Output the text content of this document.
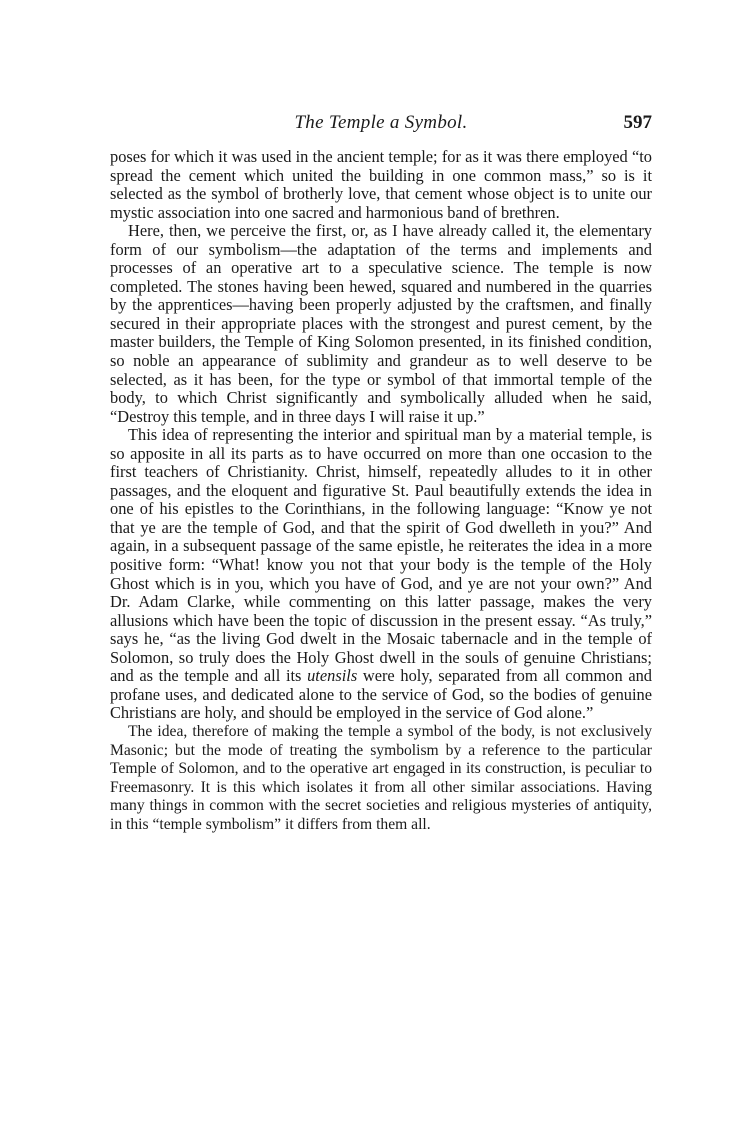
The Temple a Symbol.	597

poses for which it was used in the ancient temple; for as it was there employed “to spread the cement which united the building in one common mass,” so is it selected as the symbol of brotherly love, that cement whose object is to unite our mystic association into one sacred and harmonious band of brethren.

Here, then, we perceive the first, or, as I have already called it, the elementary form of our symbolism—the adaptation of the terms and implements and processes of an operative art to a speculative science. The temple is now completed. The stones having been hewed, squared and numbered in the quarries by the apprentices—having been properly adjusted by the craftsmen, and finally secured in their appropriate places with the strongest and purest cement, by the master builders, the Temple of King Solomon presented, in its finished condition, so noble an appearance of sublimity and grandeur as to well deserve to be selected, as it has been, for the type or symbol of that immortal temple of the body, to which Christ significantly and symbolically alluded when he said, “Destroy this temple, and in three days I will raise it up.”

This idea of representing the interior and spiritual man by a material temple, is so apposite in all its parts as to have occurred on more than one occasion to the first teachers of Christianity. Christ, himself, repeatedly alludes to it in other passages, and the eloquent and figurative St. Paul beautifully extends the idea in one of his epistles to the Corinthians, in the following language: “Know ye not that ye are the temple of God, and that the spirit of God dwelleth in you?” And again, in a subsequent passage of the same epistle, he reiterates the idea in a more positive form: “What! know you not that your body is the temple of the Holy Ghost which is in you, which you have of God, and ye are not your own?” And Dr. Adam Clarke, while commenting on this latter passage, makes the very allusions which have been the topic of discussion in the present essay. “As truly,” says he, “as the living God dwelt in the Mosaic tabernacle and in the temple of Solomon, so truly does the Holy Ghost dwell in the souls of genuine Christians; and as the temple and all its utensils were holy, separated from all common and profane uses, and dedicated alone to the service of God, so the bodies of genuine Christians are holy, and should be employed in the service of God alone.”

The idea, therefore of making the temple a symbol of the body, is not exclusively Masonic; but the mode of treating the symbolism by a reference to the particular Temple of Solomon, and to the operative art engaged in its construction, is peculiar to Freemasonry. It is this which isolates it from all other similar associations. Having many things in common with the secret societies and religious mysteries of antiquity, in this “temple symbolism” it differs from them all.
